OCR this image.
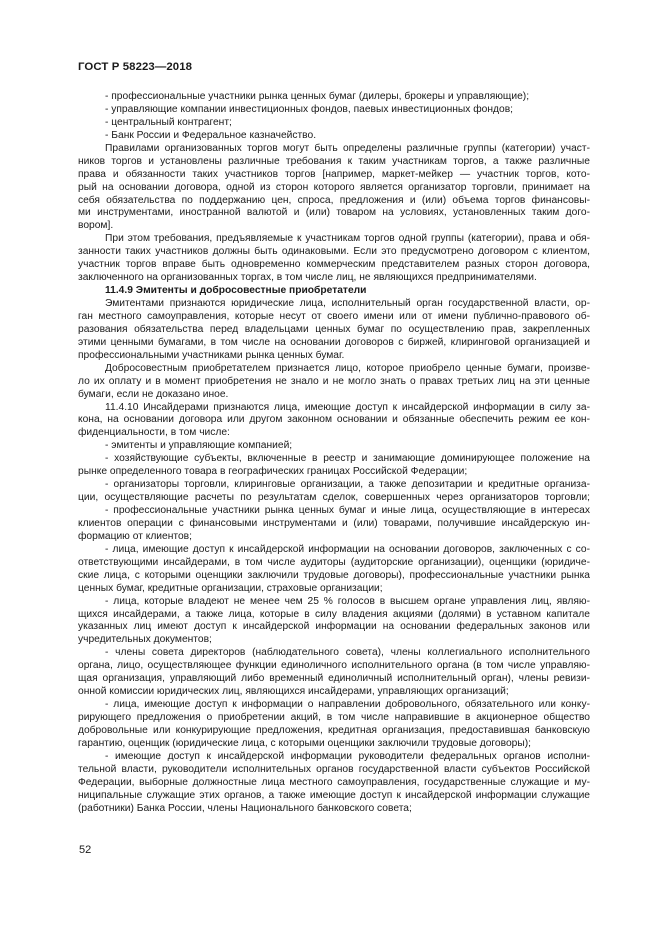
ГОСТ Р 58223—2018
- профессиональные участники рынка ценных бумаг (дилеры, брокеры и управляющие);
- управляющие компании инвестиционных фондов, паевых инвестиционных фондов;
- центральный контрагент;
- Банк России и Федеральное казначейство.
Правилами организованных торгов могут быть определены различные группы (категории) участ-
ников торгов и установлены различные требования к таким участникам торгов, а также различные
права и обязанности таких участников торгов [например, маркет-мейкер — участник торгов, кото-
рый на основании договора, одной из сторон которого является организатор торговли, принимает на
себя обязательства по поддержанию цен, спроса, предложения и (или) объема торгов финансовы-
ми инструментами, иностранной валютой и (или) товаром на условиях, установленных таким дого-
вором].
При этом требования, предъявляемые к участникам торгов одной группы (категории), права и обя-
занности таких участников должны быть одинаковыми. Если это предусмотрено договором с клиентом,
участник торгов вправе быть одновременно коммерческим представителем разных сторон договора,
заключенного на организованных торгах, в том числе лиц, не являющихся предпринимателями.
11.4.9 Эмитенты и добросовестные приобретатели
Эмитентами признаются юридические лица, исполнительный орган государственной власти, ор-
ган местного самоуправления, которые несут от своего имени или от имени публично-правового об-
разования обязательства перед владельцами ценных бумаг по осуществлению прав, закрепленных
этими ценными бумагами, в том числе на основании договоров с биржей, клиринговой организацией и
профессиональными участниками рынка ценных бумаг.
Добросовестным приобретателем признается лицо, которое приобрело ценные бумаги, произве-
ло их оплату и в момент приобретения не знало и не могло знать о правах третьих лиц на эти ценные
бумаги, если не доказано иное.
11.4.10 Инсайдерами признаются лица, имеющие доступ к инсайдерской информации в силу за-
кона, на основании договора или другом законном основании и обязанные обеспечить режим ее кон-
фиденциальности, в том числе:
- эмитенты и управляющие компанией;
- хозяйствующие субъекты, включенные в реестр и занимающие доминирующее положение на
рынке определенного товара в географических границах Российской Федерации;
- организаторы торговли, клиринговые организации, а также депозитарии и кредитные организа-
ции, осуществляющие расчеты по результатам сделок, совершенных через организаторов торговли;
- профессиональные участники рынка ценных бумаг и иные лица, осуществляющие в интересах
клиентов операции с финансовыми инструментами и (или) товарами, получившие инсайдерскую ин-
формацию от клиентов;
- лица, имеющие доступ к инсайдерской информации на основании договоров, заключенных с со-
ответствующими инсайдерами, в том числе аудиторы (аудиторские организации), оценщики (юридиче-
ские лица, с которыми оценщики заключили трудовые договоры), профессиональные участники рынка
ценных бумаг, кредитные организации, страховые организации;
- лица, которые владеют не менее чем 25 % голосов в высшем органе управления лиц, являю-
щихся инсайдерами, а также лица, которые в силу владения акциями (долями) в уставном капитале
указанных лиц имеют доступ к инсайдерской информации на основании федеральных законов или
учредительных документов;
- члены совета директоров (наблюдательного совета), члены коллегиального исполнительного
органа, лицо, осуществляющее функции единоличного исполнительного органа (в том числе управляю-
щая организация, управляющий либо временный единоличный исполнительный орган), члены ревизи-
онной комиссии юридических лиц, являющихся инсайдерами, управляющих организаций;
- лица, имеющие доступ к информации о направлении добровольного, обязательного или конку-
рирующего предложения о приобретении акций, в том числе направившие в акционерное общество
добровольные или конкурирующие предложения, кредитная организация, предоставившая банковскую
гарантию, оценщик (юридические лица, с которыми оценщики заключили трудовые договоры);
- имеющие доступ к инсайдерской информации руководители федеральных органов исполни-
тельной власти, руководители исполнительных органов государственной власти субъектов Российской
Федерации, выборные должностные лица местного самоуправления, государственные служащие и му-
ниципальные служащие этих органов, а также имеющие доступ к инсайдерской информации служащие
(работники) Банка России, члены Национального банковского совета;
52
